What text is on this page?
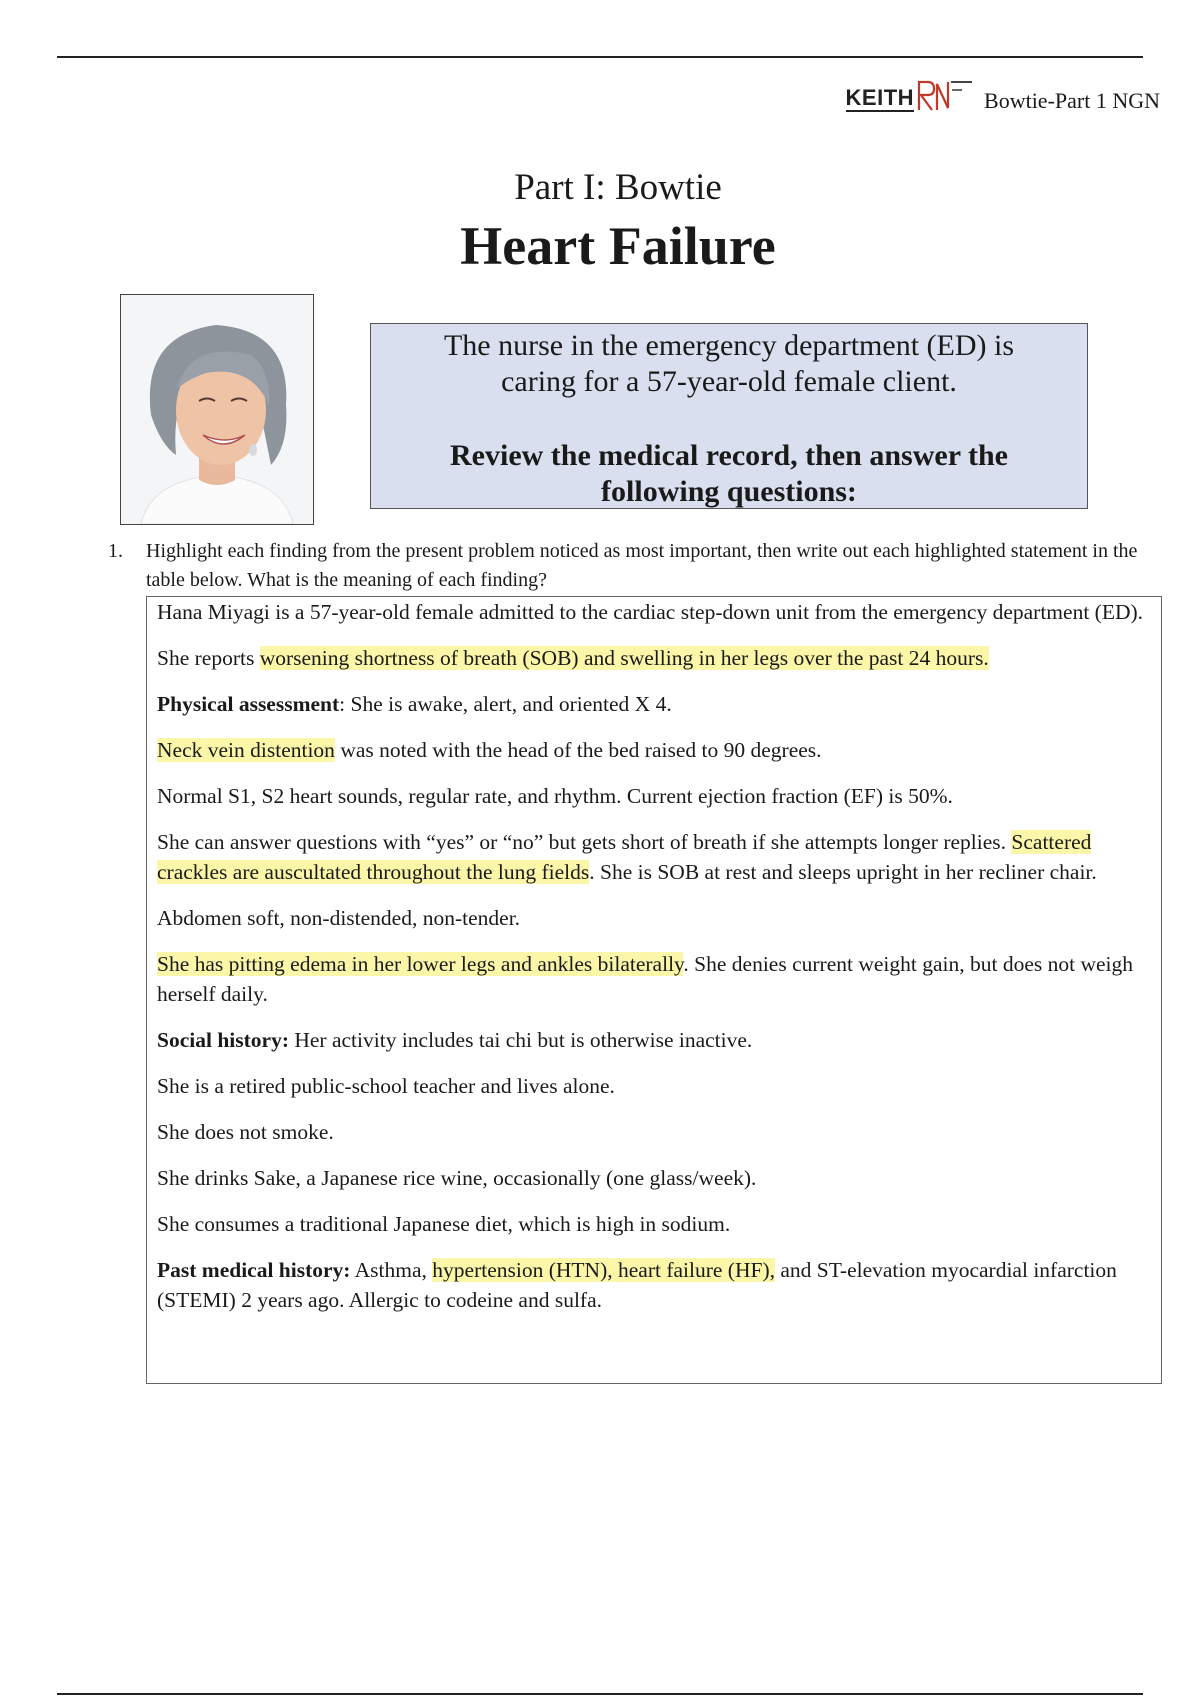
KEITH	Bowtie-Part 1 NGN
Part I: Bowtie
Heart Failure
The nurse in the emergency department (ED) is caring for a 57-year-old female client.
Review the medical record, then answer the following questions:
1. Highlight each finding from the present problem noticed as most important, then write out each highlighted statement in the table below. What is the meaning of each finding?

Hana Miyagi is a 57-year-old female admitted to the cardiac step-down unit from the emergency department (ED).

She reports worsening shortness of breath (SOB) and swelling in her legs over the past 24 hours.

Physical assessment: She is awake, alert, and oriented X 4.

Neck vein distention was noted with the head of the bed raised to 90 degrees.

Normal S1, S2 heart sounds, regular rate, and rhythm. Current ejection fraction (EF) is 50%.

She can answer questions with “yes” or “no” but gets short of breath if she attempts longer replies. Scattered crackles are auscultated throughout the lung fields. She is SOB at rest and sleeps upright in her recliner chair.

Abdomen soft, non-distended, non-tender.

She has pitting edema in her lower legs and ankles bilaterally. She denies current weight gain, but does not weigh herself daily.

Social history: Her activity includes tai chi but is otherwise inactive.

She is a retired public-school teacher and lives alone.

She does not smoke.

She drinks Sake, a Japanese rice wine, occasionally (one glass/week).

She consumes a traditional Japanese diet, which is high in sodium.

Past medical history: Asthma, hypertension (HTN), heart failure (HF), and ST-elevation myocardial infarction (STEMI) 2 years ago. Allergic to codeine and sulfa.
